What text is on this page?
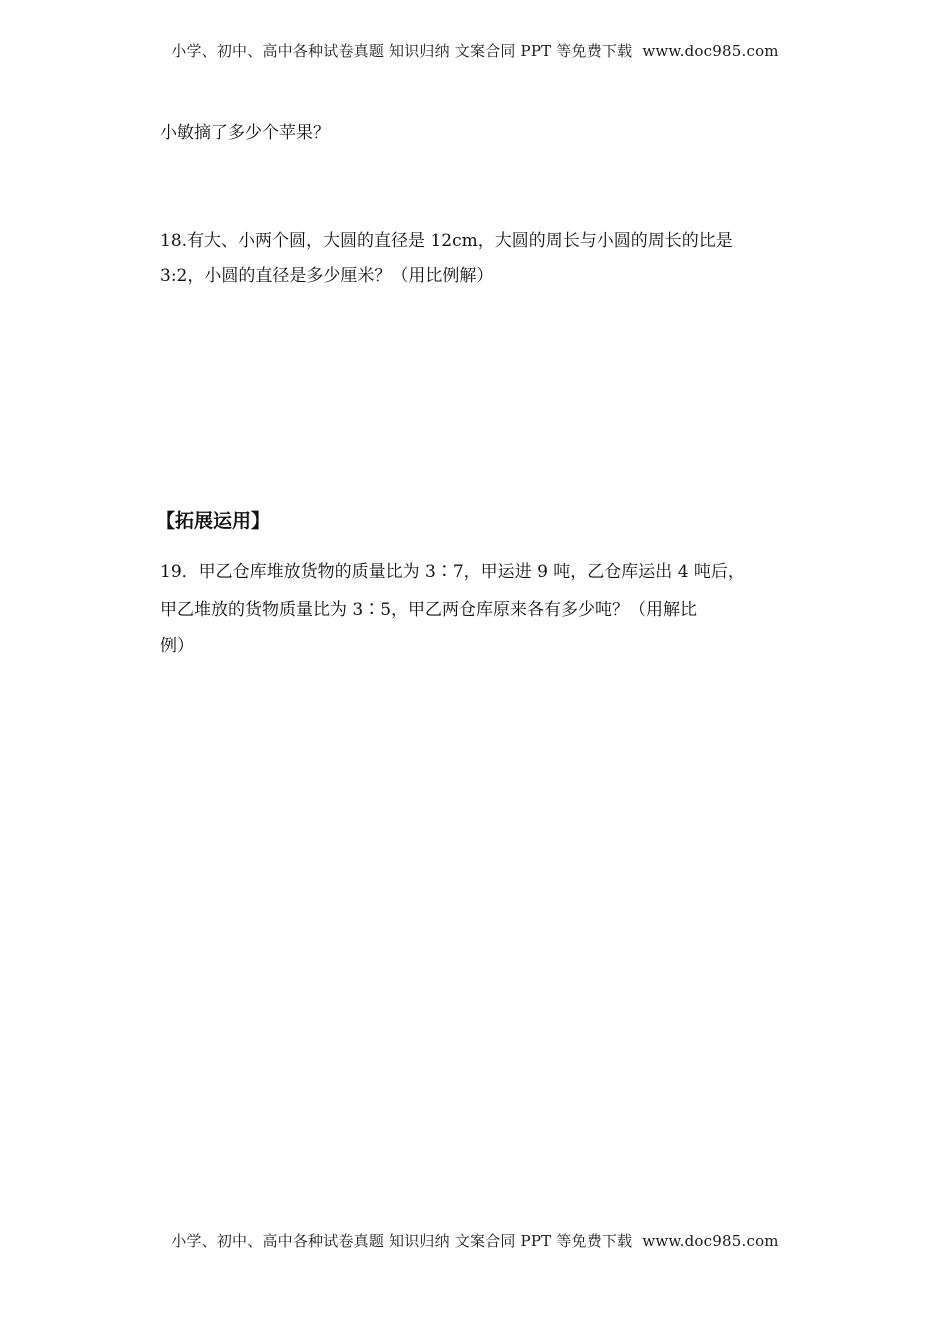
小学、初中、高中各种试卷真题 知识归纳 文案合同 PPT 等免费下载 www.doc985.com
小敏摘了多少个苹果？
18.有大、小两个圆，大圆的直径是 12cm，大圆的周长与小圆的周长的比是
3:2，小圆的直径是多少厘米？（用比例解）
【拓展运用】
19．甲乙仓库堆放货物的质量比为 3∶7，甲运进 9 吨，乙仓库运出 4 吨后，
甲乙堆放的货物质量比为 3∶5，甲乙两仓库原来各有多少吨？（用解比
例）
小学、初中、高中各种试卷真题 知识归纳 文案合同 PPT 等免费下载 www.doc985.com
